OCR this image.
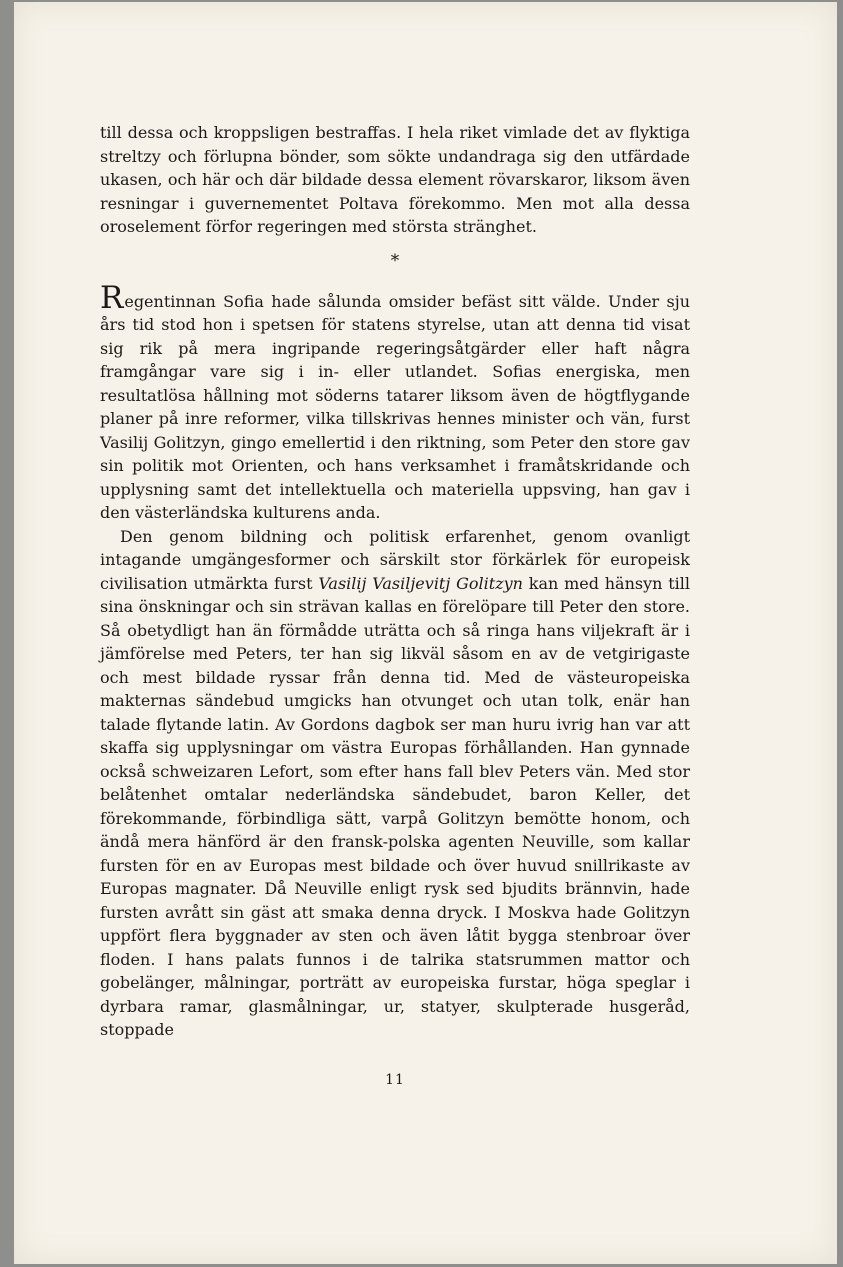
till dessa och kroppsligen bestraffas. I hela riket vimlade det av flyktiga streltzy och förlupna bönder, som sökte undandraga sig den utfärdade ukasen, och här och där bildade dessa element rövarskaror, liksom även resningar i guvernementet Poltava förekommo. Men mot alla dessa oroselement förfor regeringen med största stränghet.

*

Regentinnan Sofia hade sålunda omsider befäst sitt välde. Under sju års tid stod hon i spetsen för statens styrelse, utan att denna tid visat sig rik på mera ingripande regeringsåtgärder eller haft några framgångar vare sig i in- eller utlandet. Sofias energiska, men resultatlösa hållning mot söderns tatarer liksom även de högtflygande planer på inre reformer, vilka tillskrivas hennes minister och vän, furst Vasilij Golitzyn, gingo emellertid i den riktning, som Peter den store gav sin politik mot Orienten, och hans verksamhet i framåtskridande och upplysning samt det intellektuella och materiella uppsving, han gav i den västerländska kulturens anda.

Den genom bildning och politisk erfarenhet, genom ovanligt intagande umgängesformer och särskilt stor förkärlek för europeisk civilisation utmärkta furst Vasilij Vasiljevitj Golitzyn kan med hänsyn till sina önskningar och sin strävan kallas en förelöpare till Peter den store. Så obetydligt han än förmådde uträtta och så ringa hans viljekraft är i jämförelse med Peters, ter han sig likväl såsom en av de vetgirigaste och mest bildade ryssar från denna tid. Med de västeuropeiska makternas sändebud umgicks han otvunget och utan tolk, enär han talade flytande latin. Av Gordons dagbok ser man huru ivrig han var att skaffa sig upplysningar om västra Europas förhållanden. Han gynnade också schweizaren Lefort, som efter hans fall blev Peters vän. Med stor belåtenhet omtalar nederländska sändebudet, baron Keller, det förekommande, förbindliga sätt, varpå Golitzyn bemötte honom, och ändå mera hänförd är den fransk-polska agenten Neuville, som kallar fursten för en av Europas mest bildade och över huvud snillrikaste av Europas magnater. Då Neuville enligt rysk sed bjudits brännvin, hade fursten avrått sin gäst att smaka denna dryck. I Moskva hade Golitzyn uppfört flera byggnader av sten och även låtit bygga stenbroar över floden. I hans palats funnos i de talrika statsrummen mattor och gobelänger, målningar, porträtt av europeiska furstar, höga speglar i dyrbara ramar, glasmålningar, ur, statyer, skulpterade husgeråd, stoppade

11
